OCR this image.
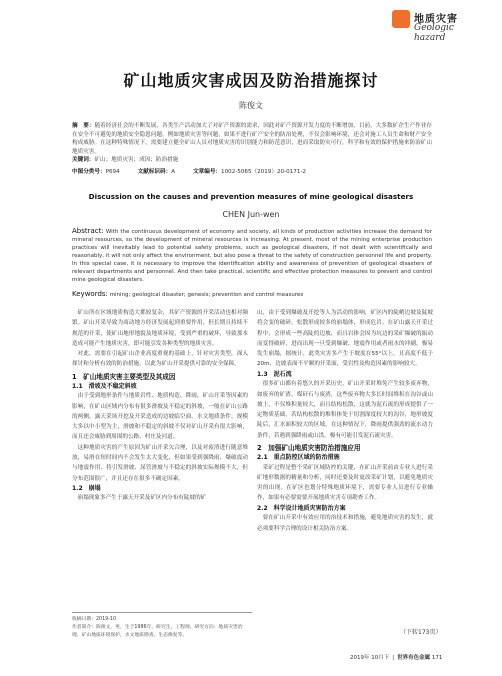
地质灾害
Geologic hazard
矿山地质灾害成因及防治措施探讨
陈俊文
摘　要：随着经济社会的不断发展，各类生产活动加大了对矿产资源的需求，因此对矿产资源开发力度的不断增加，目前，大多数矿企生产作业存在安全不可避免的地质安全隐患问题，例如地质灾害等问题，如果不进行矿产安全的防治处理，不仅会影响环境，还会对施工人员生命和财产安全构成威胁。在这种特殊情况下，需要建立健全矿山人员对地质灾害的识别能力和防范意识，进而采取防灾可行，科学和有效的保护措施来防治矿山地质灾害。
关键词：矿山；地质灾害；成因；防治措施
中图分类号：P694	文献标识码：A	文章编号：1002-5065（2019）20-0171-2
Discussion on the causes and prevention measures of mine geological disasters
CHEN Jun-wen
Abstract: With the continuous development of economy and society, all kinds of production activities increase the demand for mineral resources, so the development of mineral resources is increasing. At present, most of the mining enterprise production practices will inevitably lead to potential safety problems, such as geological disasters, if not dealt with scientifically and reasonably, it will not only affect the environment, but also pose a threat to the safety of construction personnel life and property. In this special case, it is necessary to improve the identification ability and awareness of prevention of geological disasters of relevant departments and personnel. And then take practical, scientific and effective protection measures to prevent and control mine geological disasters.
Keywords: mining; geological disaster; genesis; prevention and control measures

矿山所在区域地质构造大都较复杂，其矿产资源的开采活动也相对频繁。矿山开采导致为商动地方经济发展起到重要作用，但长期且持续不规范的开采，使矿山地形地貌及地质环境，受到严重的破坏，导致那本造成可能产生地质灾害，即可能引发各种类型的地质灾害。

对此，需要在引起矿山企业高度重视的基础上，针对灾害类型，深入探讨和分析有效的防治措施，以此为矿山开采提供可靠的安全保障。

1　矿山地质灾害主要类型及其成因
1.1　滑坡及不稳定斜坡

由于受到地形条件与地质岩性、地质构造、降雨、矿山开采等因素的影响，在矿山区域内分布有很多滑坡及不稳定的斜坡，一般在矿山公路的两侧，露天采场开挖及开采造成的边坡临空面、水文地质条件、规模大多以中小型为主，滑坡和不稳定的斜坡不仅对矿山开采有很大影响，而且还会威胁到周围的公路、村庄及河道。

这种地质灾害的产生原因为矿山开采欠合理，以及对废渣进行随意堆放，易滑在短时间内不会发生太大变化，但如果受到强降雨、爆破震动与地震作用，将引发滑坡、尿管滑坡与不稳定的斜坡实际规模不大，但分布范围很广，并且还存在很多不确定因素。

1.2　崩塌

崩塌现象多产生于露天开采及矿区内分布有陡坡的矿

山，由于受到爆破及开挖等人为活动的影响，矿区内的陡峭边坡及陡坡将会变的破碎，松散形成较多的崩塌体，形成危岩。在矿山露天开采过程中，会形成一些高陡的边坡，而且岩体会因为坑边的采矿爆破的振动而变得破碎，进而出现一旦受到爆破、地震作用或者雨水的冲刷，极易发生崩塌，据统计，此类灾害多产生于坡度在55°以上，且高度不低于20m，边坡表面不平顺的开采面，受岩性及构造因素的影响较大。

1.3　泥石流

很多矿山都有着悠久的开采历史，矿山开采时堆免产生较多废弃物，如废弃的矿渣、煤矸石与废渣，这些废弃物大多长时间堆积在沟谷或山坡上，不仅堆积量较大，而且结构松散，这就为泥石流的形成提供了一定物质基础，若结构松散的堆积体处于切割深度较大的沟谷，地形坡度陡后，汇水面积较大的区域，在这种情况下，降雨提供强劲的流水动力条件，若遇到强降雨或山洪，极有可能引发泥石流灾害。

2　加强矿山地质灾害防治措施应用
2.1　重点防控区域的防治措施

采矿过程是整个采矿区域防控的关键，在矿山开采前由专业人进行采矿地形数据的精量和分析，同时还要及时更改采矿计划，以避免地质灾害的出现。在矿区也划分特殊地质环境下，需要专业人员进行专业操作，如果有必要需要开展地质灾害专项勘查工作。

2.2　科学设计地质灾害防治方案

要在矿山开采中有效应用的治技术和措施，避免地质灾害的发生，就必须要科学合理的设计相关防治方案。

（下转173页）
收稿日期：2019-10
作者简介：陈俊文，男，生于1986年，研究生，工程师，研究方向：地质灾害治理，矿山地质环境保护，水文地质勘查，生态修复等。
2019年 10月下 | 世界有色金属 171
